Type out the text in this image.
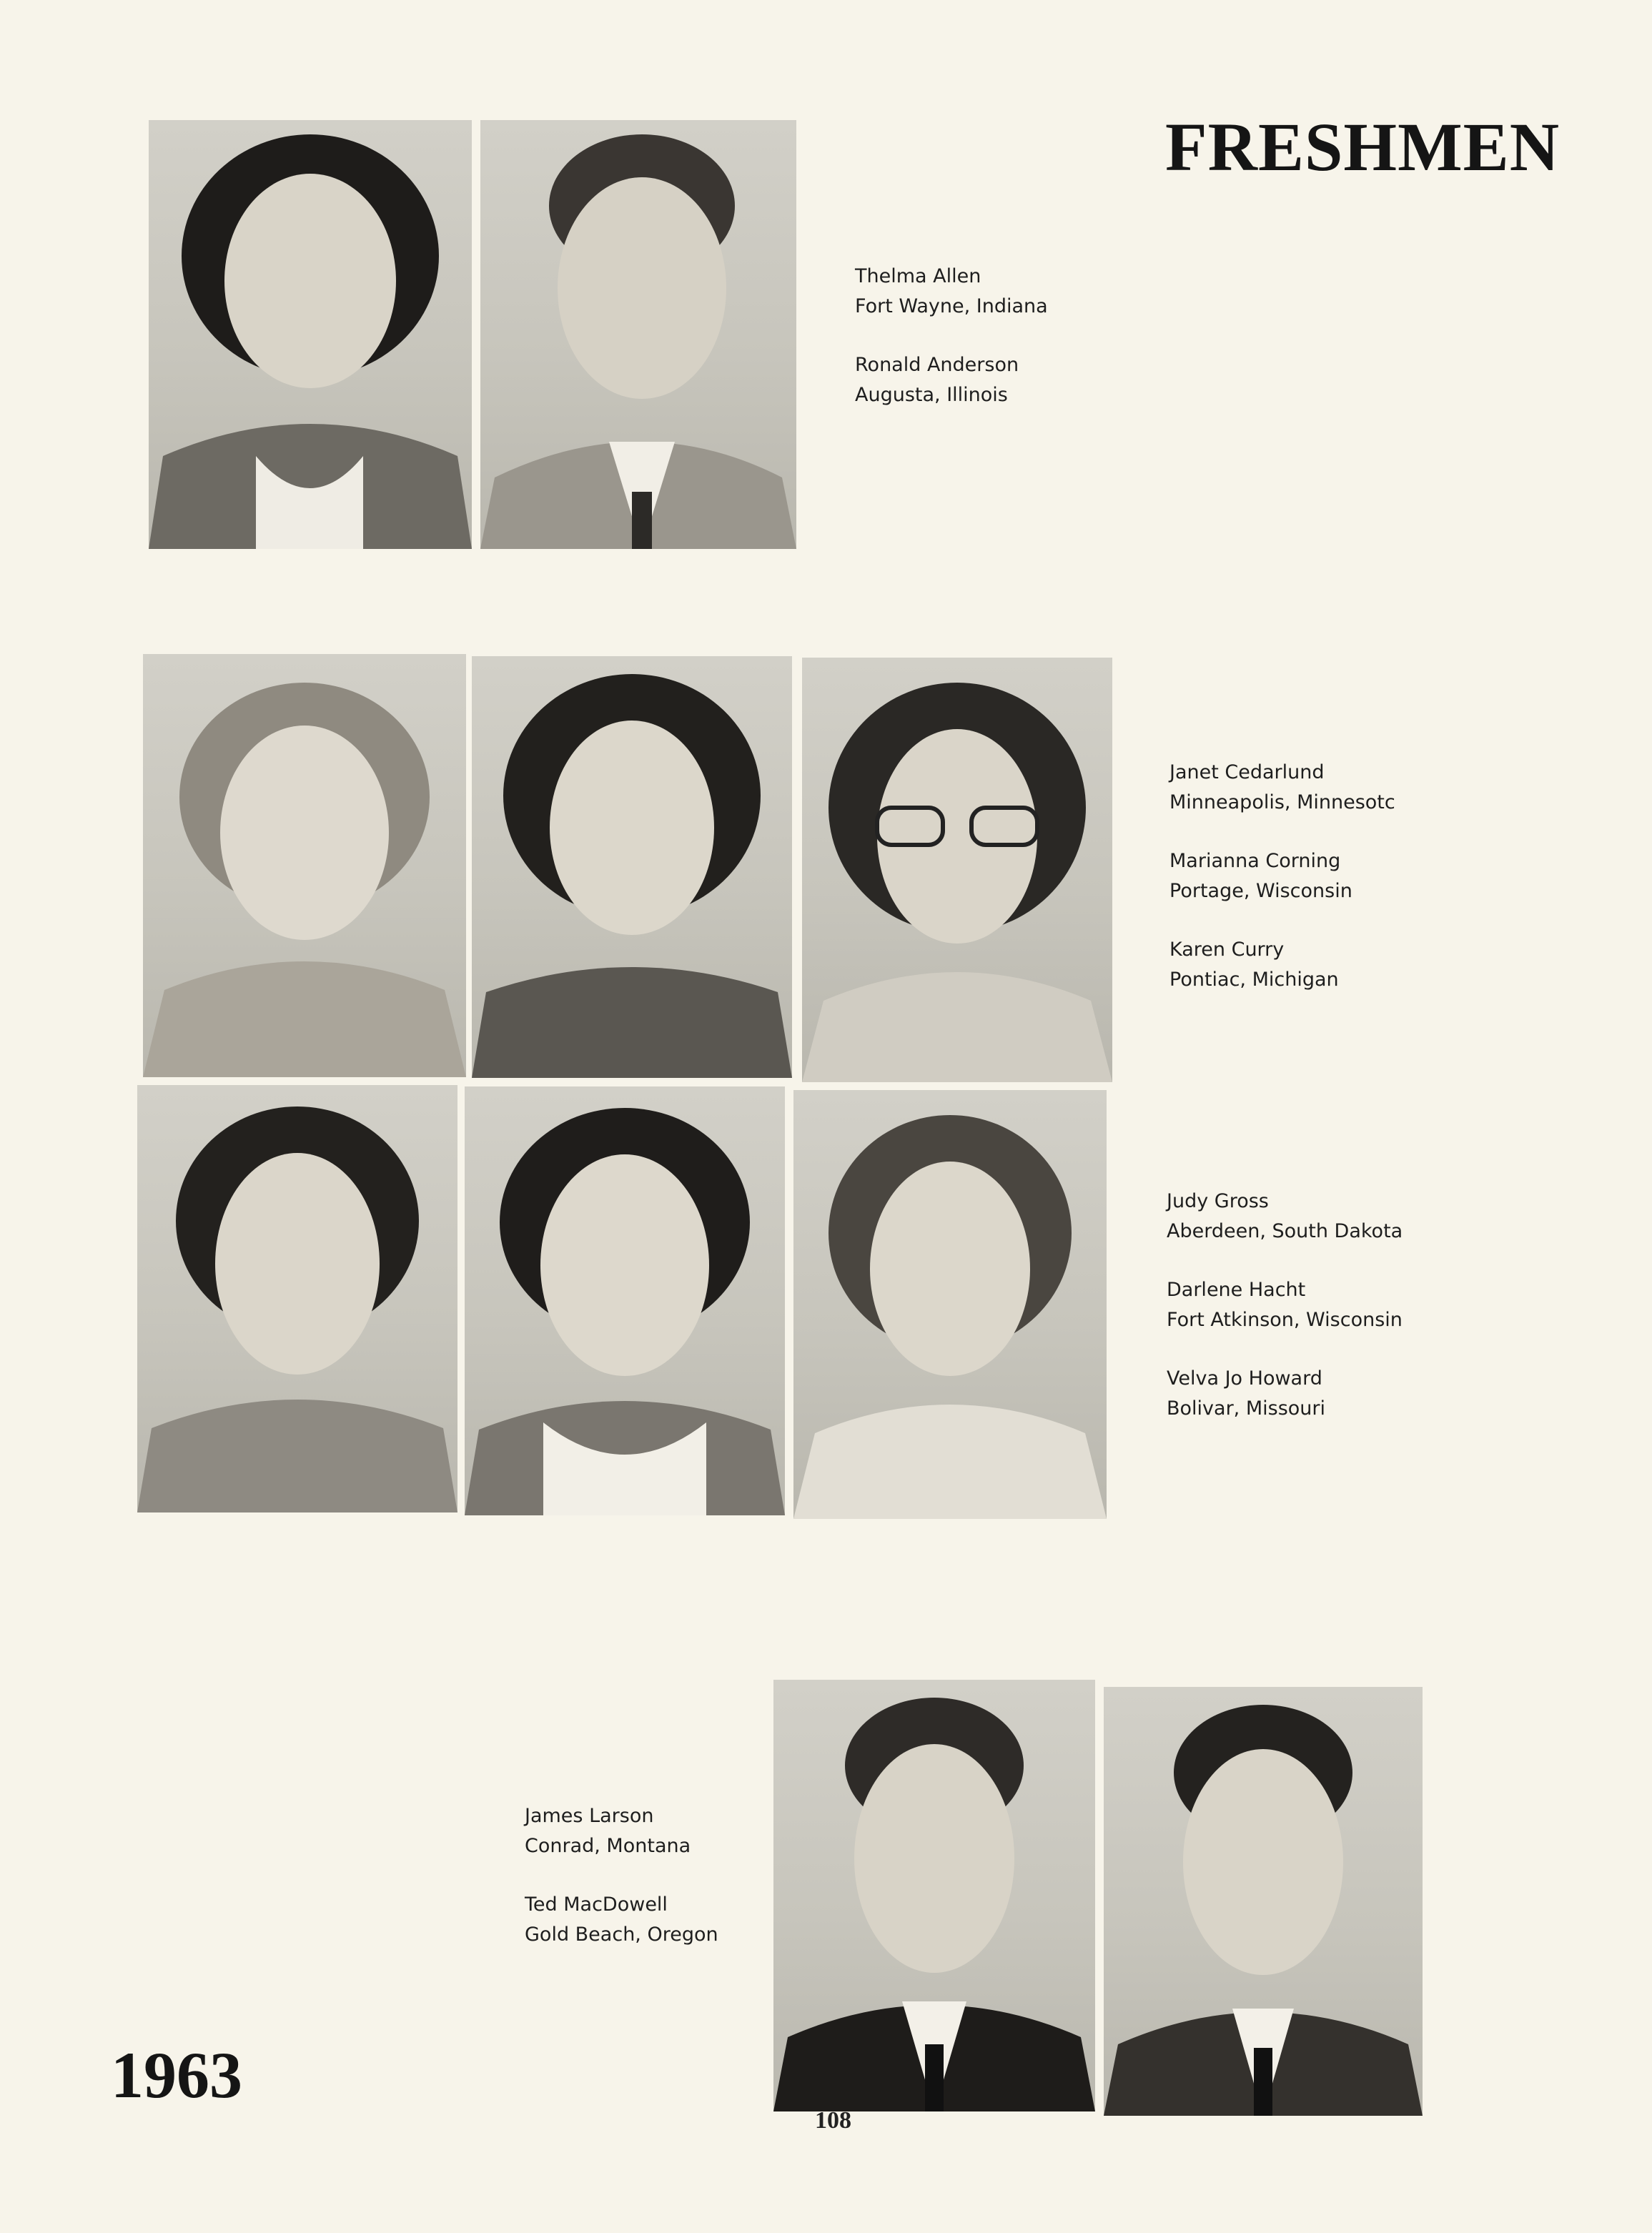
FRESHMEN
Thelma Allen
Fort Wayne, Indiana
Ronald Anderson
Augusta, Illinois
Janet Cedarlund
Minneapolis, Minnesotc
Marianna Corning
Portage, Wisconsin
Karen Curry
Pontiac, Michigan
Judy Gross
Aberdeen, South Dakota
Darlene Hacht
Fort Atkinson, Wisconsin
Velva Jo Howard
Bolivar, Missouri
James Larson
Conrad, Montana
Ted MacDowell
Gold Beach, Oregon
1963
108
